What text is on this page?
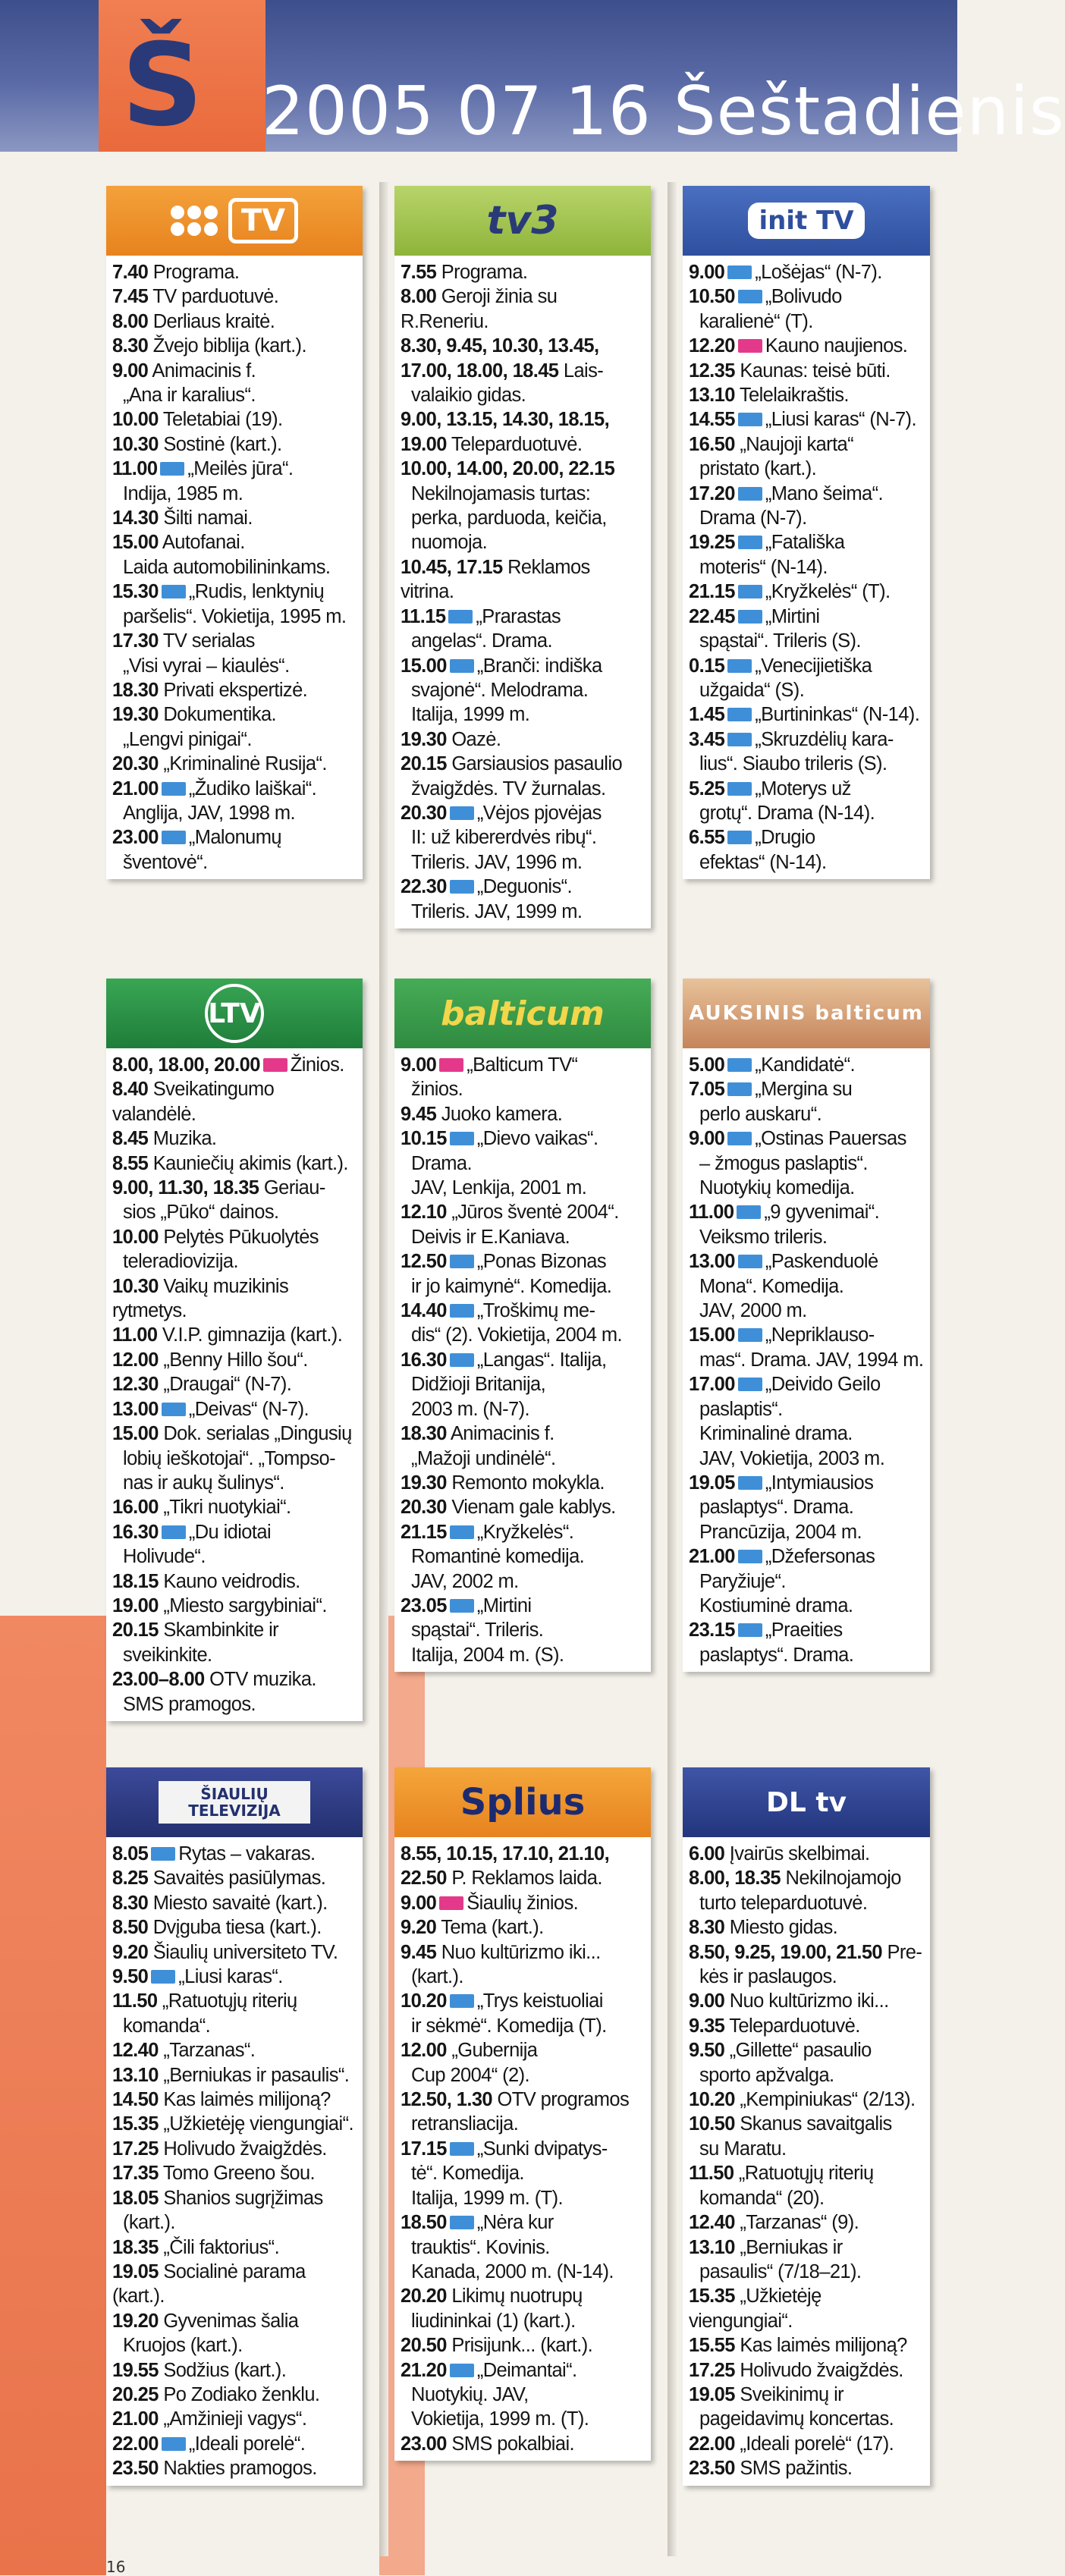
Š 2005 07 16 Šeštadienis
TV
7.40 Programa.
7.45 TV parduotuvė.
8.00 Derliaus kraitė.
8.30 Žvejo biblija (kart.).
9.00 Animacinis f.
„Ana ir karalius“.
10.00 Teletabiai (19).
10.30 Sostinė (kart.).
11.00 „Meilės jūra“.
Indija, 1985 m.
14.30 Šilti namai.
15.00 Autofanai.
Laida automobilininkams.
15.30 „Rudis, lenktynių
paršelis“. Vokietija, 1995 m.
17.30 TV serialas
„Visi vyrai – kiaulės“.
18.30 Privati ekspertizė.
19.30 Dokumentika.
„Lengvi pinigai“.
20.30 „Kriminalinė Rusija“.
21.00 „Žudiko laiškai“.
Anglija, JAV, 1998 m.
23.00 „Malonumų
šventovė“.
tv3
7.55 Programa.
8.00 Geroji žinia su R.Reneriu.
8.30, 9.45, 10.30, 13.45,
17.00, 18.00, 18.45 Lais-
valaikio gidas.
9.00, 13.15, 14.30, 18.15,
19.00 Teleparduotuvė.
10.00, 14.00, 20.00, 22.15
Nekilnojamasis turtas:
perka, parduoda, keičia,
nuomoja.
10.45, 17.15 Reklamos vitrina.
11.15 „Prarastas
angelas“. Drama.
15.00 „Branči: indiška
svajonė“. Melodrama.
Italija, 1999 m.
19.30 Oazė.
20.15 Garsiausios pasaulio
žvaigždės. TV žurnalas.
20.30 „Vėjos pjovėjas
II: už kibererdvės ribų“.
Trileris. JAV, 1996 m.
22.30 „Deguonis“.
Trileris. JAV, 1999 m.
init TV
9.00 „Lošėjas“ (N-7).
10.50 „Bolivudo
karalienė“ (T).
12.20 Kauno naujienos.
12.35 Kaunas: teisė būti.
13.10 Telelaikraštis.
14.55 „Liusi karas“ (N-7).
16.50 „Naujoji karta“
pristato (kart.).
17.20 „Mano šeima“.
Drama (N-7).
19.25 „Fatališka
moteris“ (N-14).
21.15 „Kryžkelės“ (T).
22.45 „Mirtini
spąstai“. Trileris (S).
0.15 „Venecijietiška
užgaida“ (S).
1.45 „Burtininkas“ (N-14).
3.45 „Skruzdėlių kara-
lius“. Siaubo trileris (S).
5.25 „Moterys už
grotų“. Drama (N-14).
6.55 „Drugio
efektas“ (N-14).
LTV
8.00, 18.00, 20.00 Žinios.
8.40 Sveikatingumo valandėlė.
8.45 Muzika.
8.55 Kauniečių akimis (kart.).
9.00, 11.30, 18.35 Geriau-
sios „Pūko“ dainos.
10.00 Pelytės Pūkuolytės
teleradiovizija.
10.30 Vaikų muzikinis rytmetys.
11.00 V.I.P. gimnazija (kart.).
12.00 „Benny Hillo šou“.
12.30 „Draugai“ (N-7).
13.00 „Deivas“ (N-7).
15.00 Dok. serialas „Dingusių
lobių ieškotojai“. „Tompso-
nas ir aukų šulinys“.
16.00 „Tikri nuotykiai“.
16.30 „Du idiotai
Holivude“.
18.15 Kauno veidrodis.
19.00 „Miesto sargybiniai“.
20.15 Skambinkite ir
sveikinkite.
23.00–8.00 OTV muzika.
SMS pramogos.
balticum
9.00 „Balticum TV“
žinios.
9.45 Juoko kamera.
10.15 „Dievo vaikas“.
Drama.
JAV, Lenkija, 2001 m.
12.10 „Jūros šventė 2004“.
Deivis ir E.Kaniava.
12.50 „Ponas Bizonas
ir jo kaimynė“. Komedija.
14.40 „Troškimų me-
dis“ (2). Vokietija, 2004 m.
16.30 „Langas“. Italija,
Didžioji Britanija,
2003 m. (N-7).
18.30 Animacinis f.
„Mažoji undinėlė“.
19.30 Remonto mokykla.
20.30 Vienam gale kablys.
21.15 „Kryžkelės“.
Romantinė komedija.
JAV, 2002 m.
23.05 „Mirtini
spąstai“. Trileris.
Italija, 2004 m. (S).
AUKSINIS balticum
5.00 „Kandidatė“.
7.05 „Mergina su
perlo auskaru“.
9.00 „Ostinas Pauersas
– žmogus paslaptis“.
Nuotykių komedija.
11.00 „9 gyvenimai“.
Veiksmo trileris.
13.00 „Paskenduolė
Mona“. Komedija.
JAV, 2000 m.
15.00 „Nepriklauso-
mas“. Drama. JAV, 1994 m.
17.00 „Deivido Geilo
paslaptis“.
Kriminalinė drama.
JAV, Vokietija, 2003 m.
19.05 „Intymiausios
paslaptys“. Drama.
Prancūzija, 2004 m.
21.00 „Džefersonas
Paryžiuje“.
Kostiuminė drama.
23.15 „Praeities
paslaptys“. Drama.
ŠIAULIŲ TELEVIZIJA
8.05 Rytas – vakaras.
8.25 Savaitės pasiūlymas.
8.30 Miesto savaitė (kart.).
8.50 Dvįguba tiesa (kart.).
9.20 Šiaulių universiteto TV.
9.50 „Liusi karas“.
11.50 „Ratuotųjų riterių
komanda“.
12.40 „Tarzanas“.
13.10 „Berniukas ir pasaulis“.
14.50 Kas laimės milijoną?
15.35 „Užkietėję viengungiai“.
17.25 Holivudo žvaigždės.
17.35 Tomo Greeno šou.
18.05 Shanios sugrįžimas
(kart.).
18.35 „Čili faktorius“.
19.05 Socialinė parama (kart.).
19.20 Gyvenimas šalia
Kruojos (kart.).
19.55 Sodžius (kart.).
20.25 Po Zodiako ženklu.
21.00 „Amžinieji vagys“.
22.00 „Ideali porelė“.
23.50 Nakties pramogos.
Splius
8.55, 10.15, 17.10, 21.10,
22.50 P. Reklamos laida.
9.00 Šiaulių žinios.
9.20 Tema (kart.).
9.45 Nuo kultūrizmo iki...
(kart.).
10.20 „Trys keistuoliai
ir sėkmė“. Komedija (T).
12.00 „Gubernija
Cup 2004“ (2).
12.50, 1.30 OTV programos
retransliacija.
17.15 „Sunki dvipatys-
tė“. Komedija.
Italija, 1999 m. (T).
18.50 „Nėra kur
trauktis“. Kovinis.
Kanada, 2000 m. (N-14).
20.20 Likimų nuotrupų
liudininkai (1) (kart.).
20.50 Prisijunk... (kart.).
21.20 „Deimantai“.
Nuotykių. JAV,
Vokietija, 1999 m. (T).
23.00 SMS pokalbiai.
DL tv
6.00 Įvairūs skelbimai.
8.00, 18.35 Nekilnojamojo
turto teleparduotuvė.
8.30 Miesto gidas.
8.50, 9.25, 19.00, 21.50 Pre-
kės ir paslaugos.
9.00 Nuo kultūrizmo iki...
9.35 Teleparduotuvė.
9.50 „Gillette“ pasaulio
sporto apžvalga.
10.20 „Kempiniukas“ (2/13).
10.50 Skanus savaitgalis
su Maratu.
11.50 „Ratuotųjų riterių
komanda“ (20).
12.40 „Tarzanas“ (9).
13.10 „Berniukas ir
pasaulis“ (7/18–21).
15.35 „Užkietėję viengungiai“.
15.55 Kas laimės milijoną?
17.25 Holivudo žvaigždės.
19.05 Sveikinimų ir
pageidavimų koncertas.
22.00 „Ideali porelė“ (17).
23.50 SMS pažintis.
16
